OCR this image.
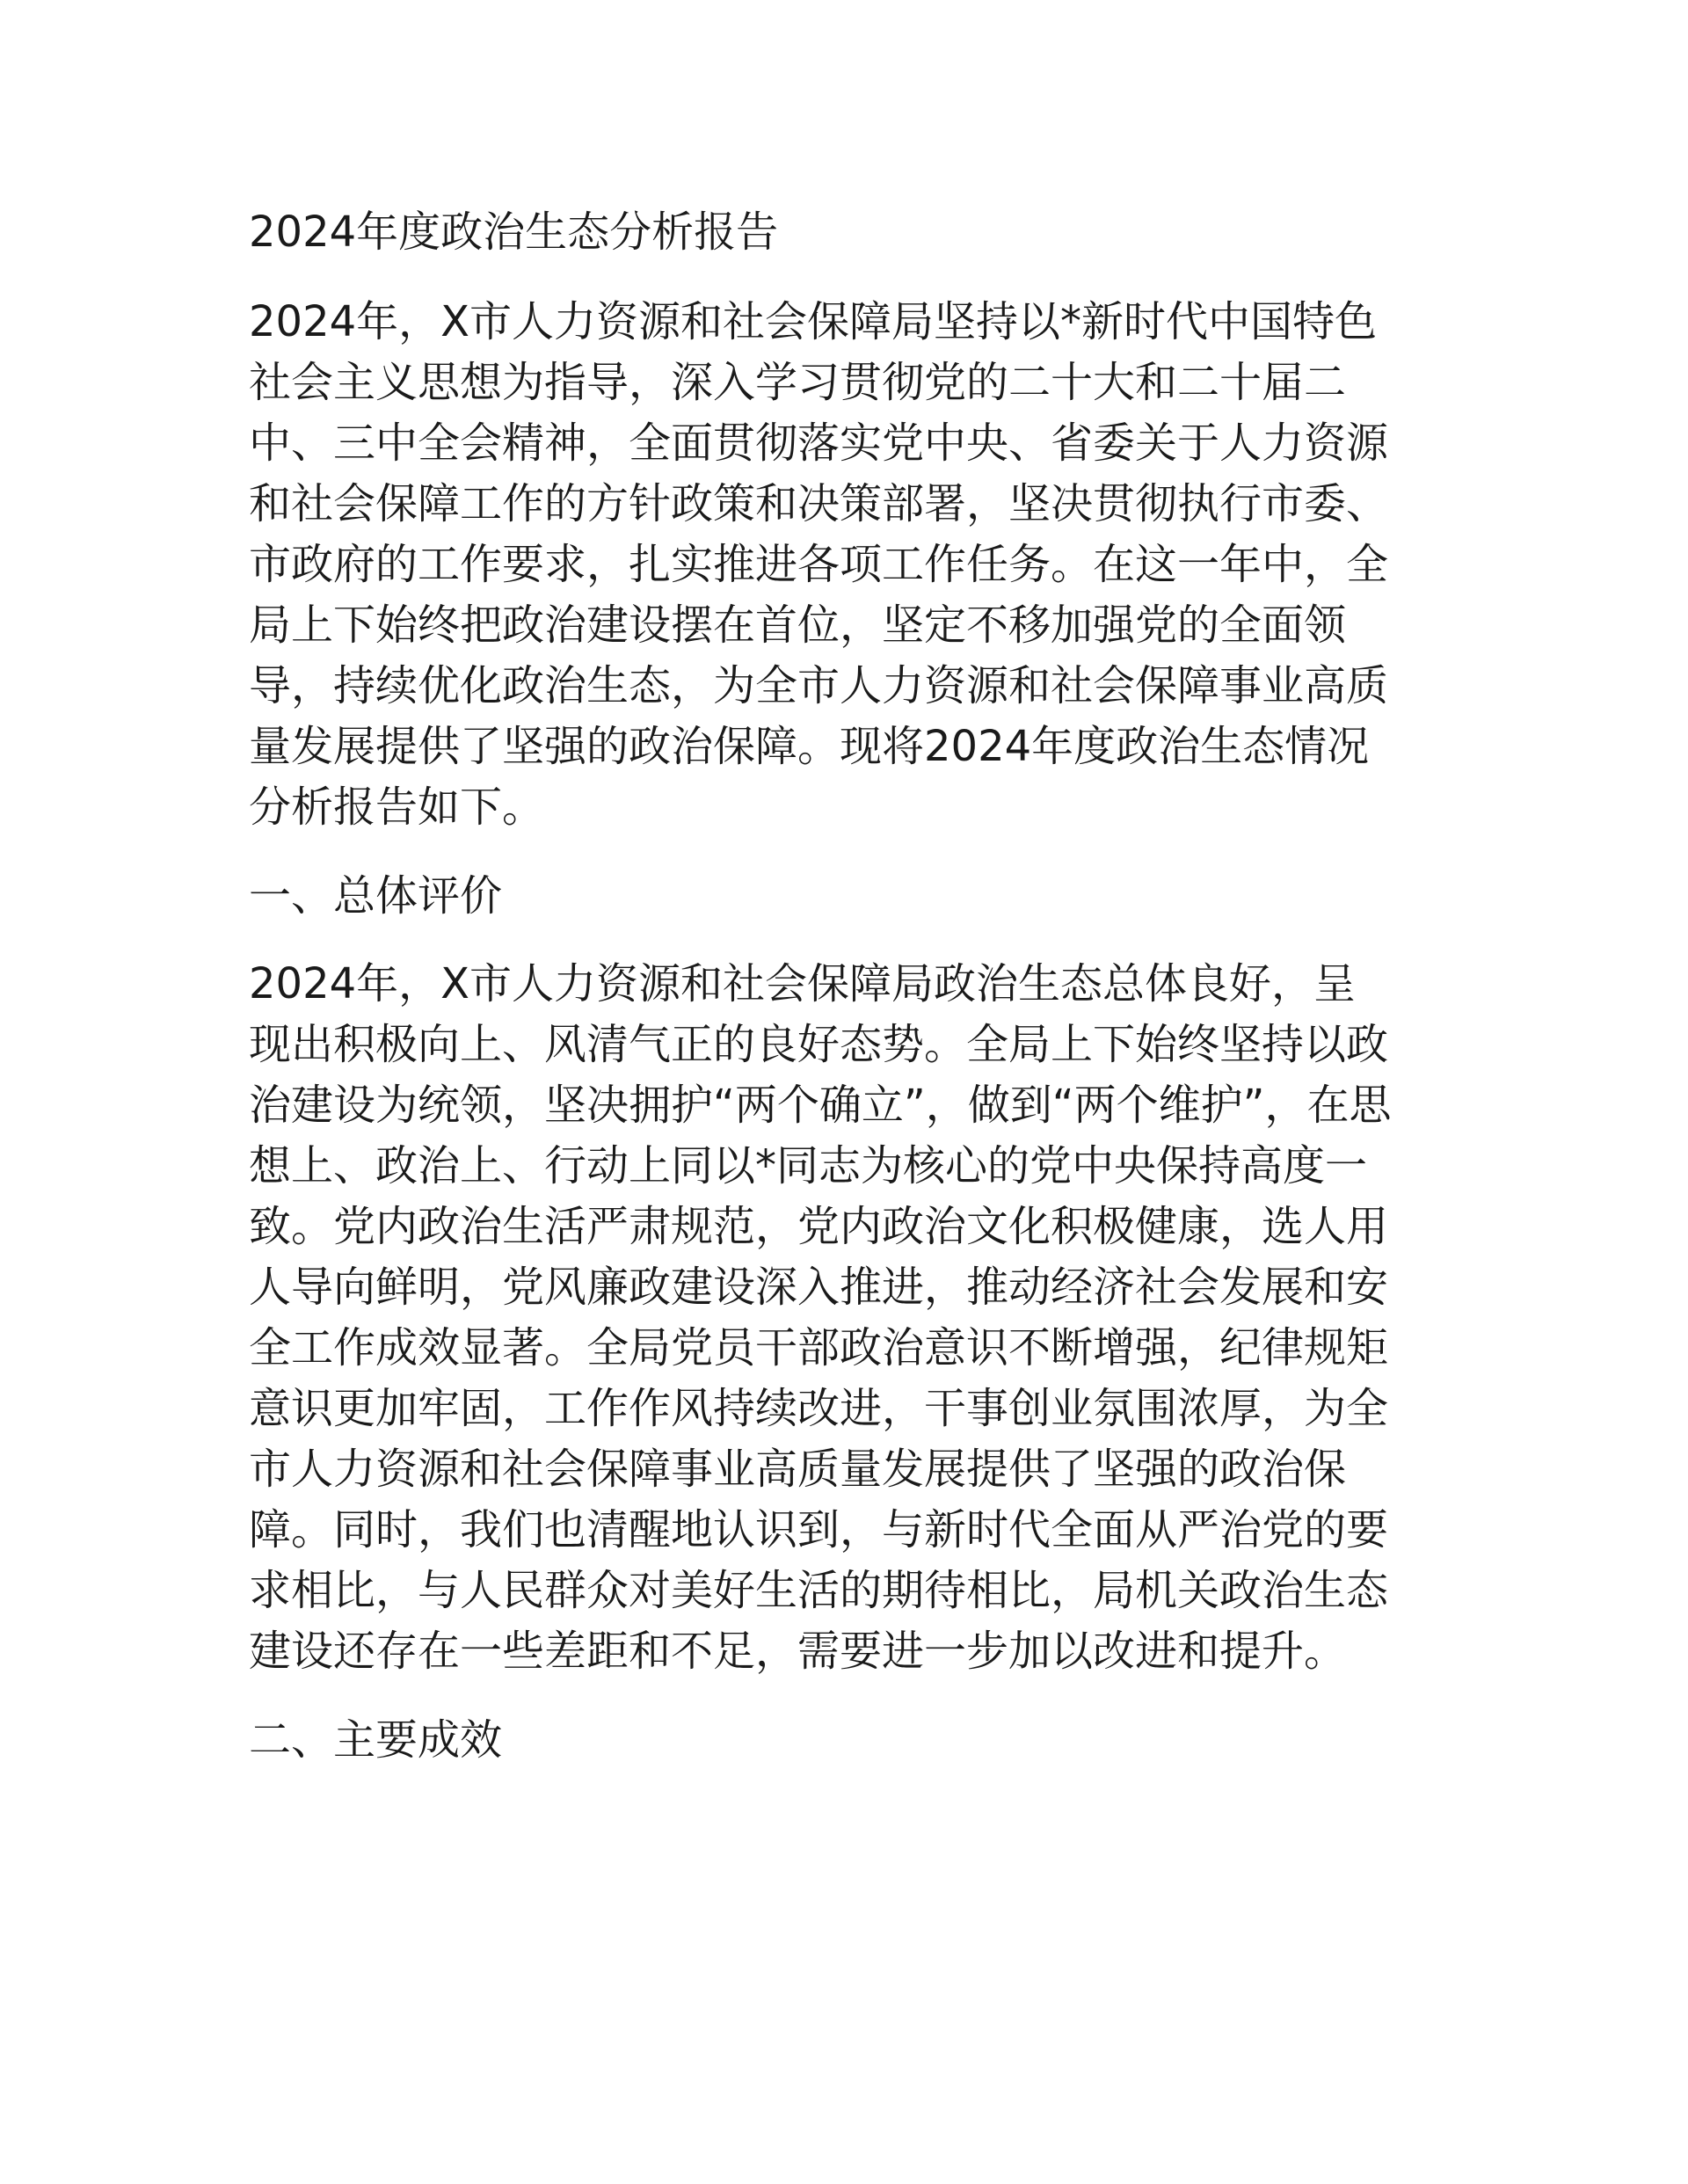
2024年度政治生态分析报告

2024年，X市人力资源和社会保障局坚持以*新时代中国特色
社会主义思想为指导，深入学习贯彻党的二十大和二十届二
中、三中全会精神，全面贯彻落实党中央、省委关于人力资源
和社会保障工作的方针政策和决策部署，坚决贯彻执行市委、
市政府的工作要求，扎实推进各项工作任务。在这一年中，全
局上下始终把政治建设摆在首位，坚定不移加强党的全面领
导，持续优化政治生态，为全市人力资源和社会保障事业高质
量发展提供了坚强的政治保障。现将2024年度政治生态情况
分析报告如下。

一、总体评价

2024年，X市人力资源和社会保障局政治生态总体良好，呈
现出积极向上、风清气正的良好态势。全局上下始终坚持以政
治建设为统领，坚决拥护“两个确立”，做到“两个维护”，在思
想上、政治上、行动上同以*同志为核心的党中央保持高度一
致。党内政治生活严肃规范，党内政治文化积极健康，选人用
人导向鲜明，党风廉政建设深入推进，推动经济社会发展和安
全工作成效显著。全局党员干部政治意识不断增强，纪律规矩
意识更加牢固，工作作风持续改进，干事创业氛围浓厚，为全
市人力资源和社会保障事业高质量发展提供了坚强的政治保
障。同时，我们也清醒地认识到，与新时代全面从严治党的要
求相比，与人民群众对美好生活的期待相比，局机关政治生态
建设还存在一些差距和不足，需要进一步加以改进和提升。

二、主要成效
